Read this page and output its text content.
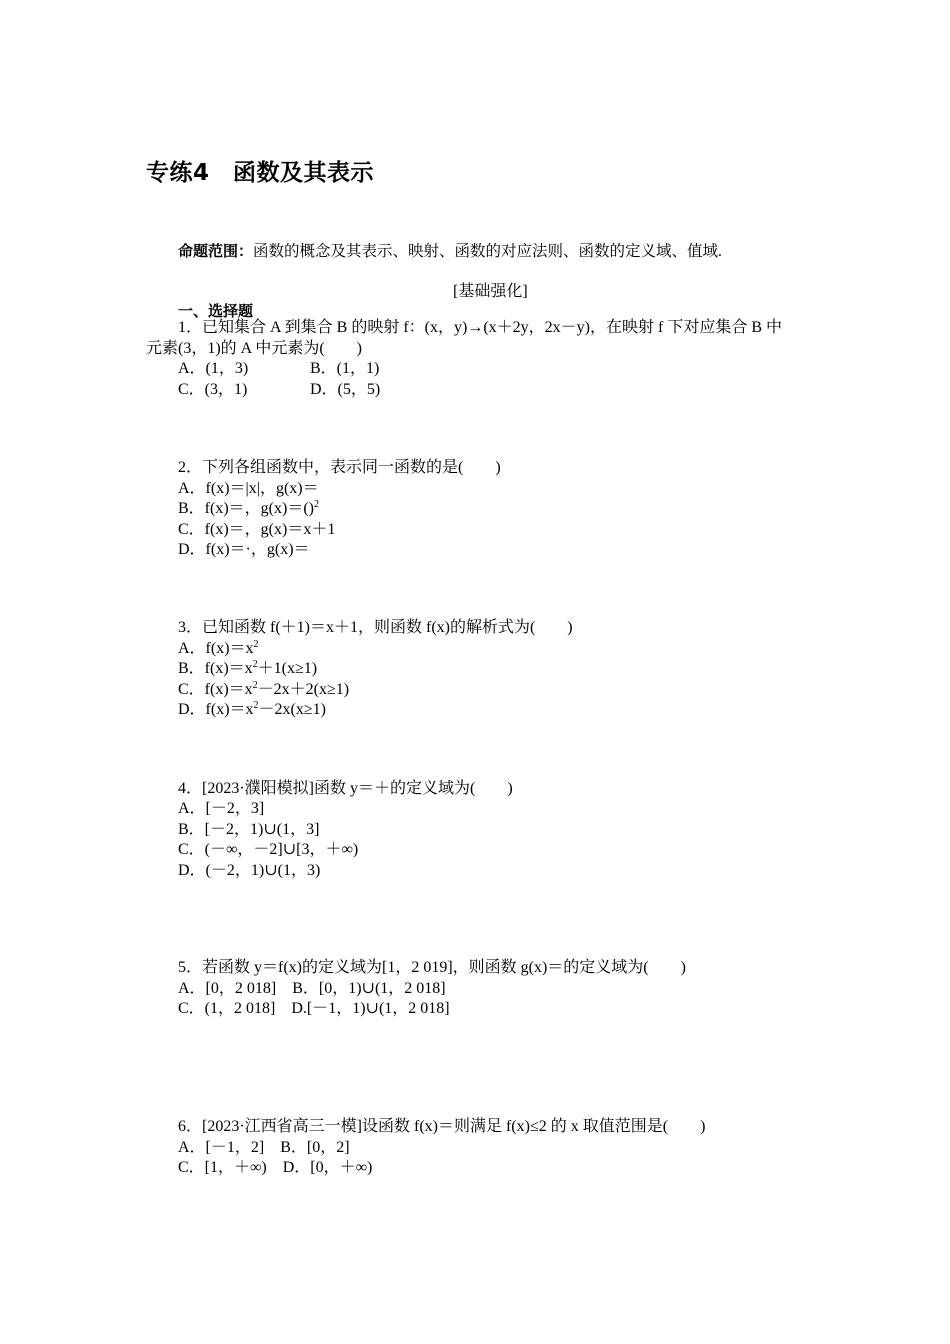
专练4　函数及其表示
命题范围：函数的概念及其表示、映射、函数的对应法则、函数的定义域、值域.
[基础强化]
一、选择题
1．已知集合 A 到集合 B 的映射 f：(x，y)→(x＋2y，2x－y)，在映射 f 下对应集合 B 中
元素(3，1)的 A 中元素为(　　)
A．(1，3)	B．(1，1)
C．(3，1)	D．(5，5)
2．下列各组函数中，表示同一函数的是(　　)
A．f(x)＝|x|，g(x)＝
B．f(x)＝，g(x)＝()$^2$
C．f(x)＝，g(x)＝x＋1
D．f(x)＝·，g(x)＝
3．已知函数 f(＋1)＝x＋1，则函数 f(x)的解析式为(　　)
A．$f(x)=x^2$
B．$f(x)=x^2+1(x\ge 1)$
C．$f(x)=x^2-2x+2(x\ge 1)$
D．$f(x)=x^2-2x(x\ge 1)$
4．[2023·濮阳模拟]函数 y＝＋的定义域为(　　)
A．[－2，3]
B．[－2，1)∪(1，3]
C．(－∞，－2]∪[3，＋∞)
D．(－2，1)∪(1，3)
5．若函数 y＝f(x)的定义域为[1，2 019]，则函数 g(x)＝的定义域为(　　)
A．[0，2 018]　B．[0，1)∪(1，2 018]
C．(1，2 018]　D.[－1，1)∪(1，2 018]
6．[2023·江西省高三一模]设函数 f(x)＝则满足 f(x)≤2 的 x 取值范围是(　　)
A．[－1，2]　B．[0，2]
C．[1，＋∞)　D．[0，＋∞)
